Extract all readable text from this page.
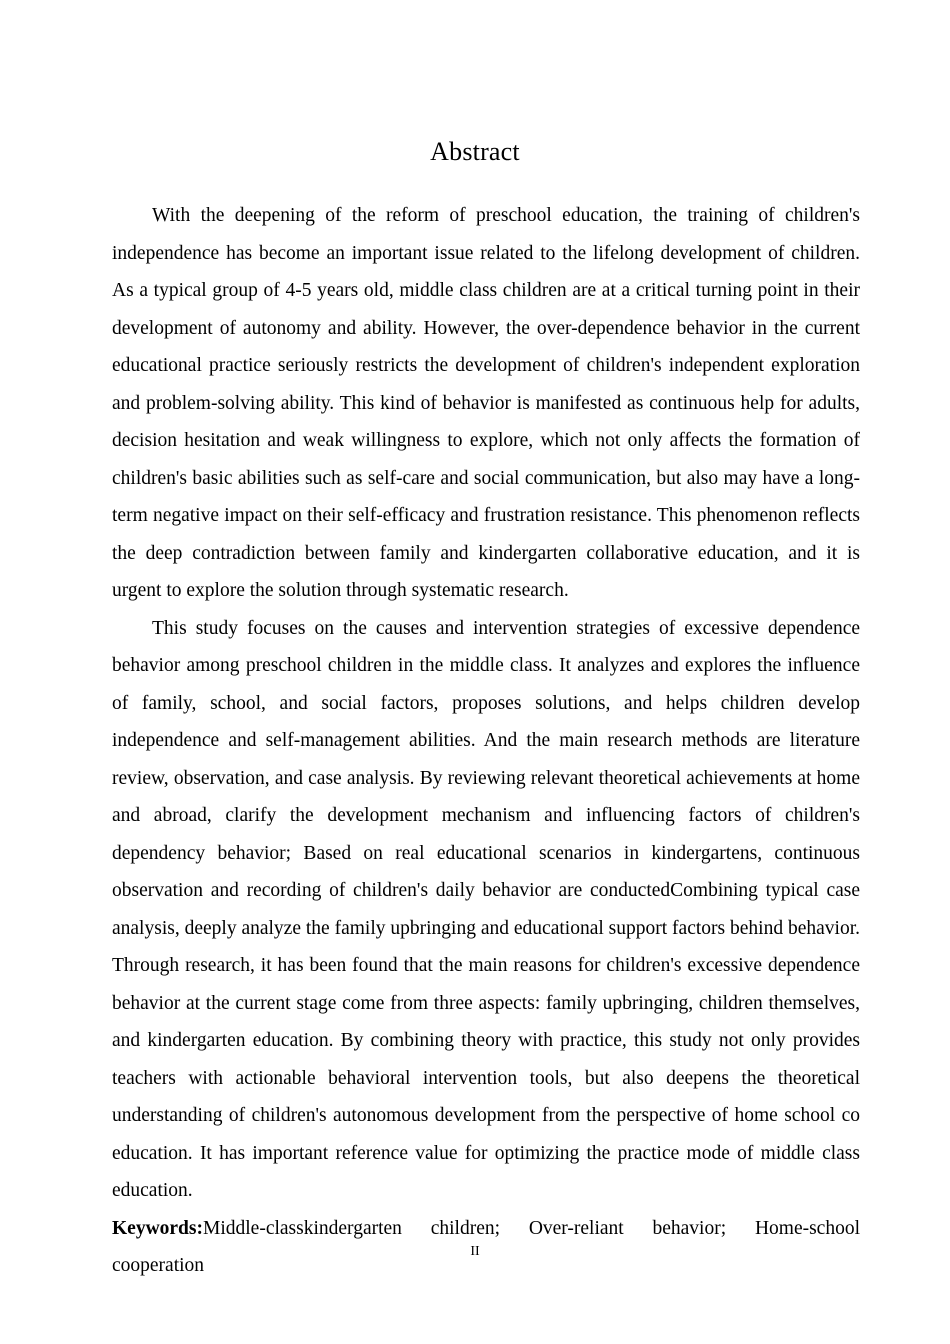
Abstract

With the deepening of the reform of preschool education, the training of children's independence has become an important issue related to the lifelong development of children. As a typical group of 4-5 years old, middle class children are at a critical turning point in their development of autonomy and ability. However, the over-dependence behavior in the current educational practice seriously restricts the development of children's independent exploration and problem-solving ability. This kind of behavior is manifested as continuous help for adults, decision hesitation and weak willingness to explore, which not only affects the formation of children's basic abilities such as self-care and social communication, but also may have a long-term negative impact on their self-efficacy and frustration resistance. This phenomenon reflects the deep contradiction between family and kindergarten collaborative education, and it is urgent to explore the solution through systematic research.

This study focuses on the causes and intervention strategies of excessive dependence behavior among preschool children in the middle class. It analyzes and explores the influence of family, school, and social factors, proposes solutions, and helps children develop independence and self-management abilities. And the main research methods are literature review, observation, and case analysis. By reviewing relevant theoretical achievements at home and abroad, clarify the development mechanism and influencing factors of children's dependency behavior; Based on real educational scenarios in kindergartens, continuous observation and recording of children's daily behavior are conductedCombining typical case analysis, deeply analyze the family upbringing and educational support factors behind behavior. Through research, it has been found that the main reasons for children's excessive dependence behavior at the current stage come from three aspects: family upbringing, children themselves, and kindergarten education. By combining theory with practice, this study not only provides teachers with actionable behavioral intervention tools, but also deepens the theoretical understanding of children's autonomous development from the perspective of home school co education. It has important reference value for optimizing the practice mode of middle class education.

Keywords:Middle-classkindergarten children; Over-reliant behavior; Home-school cooperation

II
